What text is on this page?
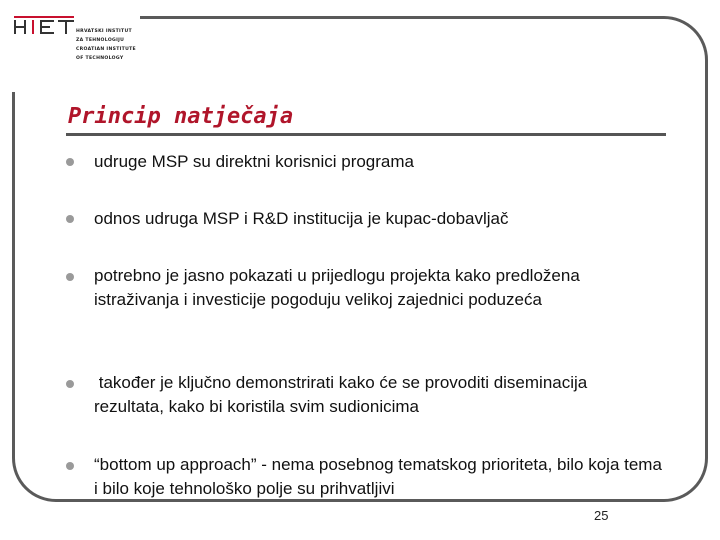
HRVATSKI INSTITUT
ZA TEHNOLOGIJU
CROATIAN INSTITUTE
OF TECHNOLOGY
Princip natječaja
udruge MSP su direktni korisnici programa
odnos udruga MSP i R&D institucija je kupac-dobavljač
potrebno je jasno pokazati u prijedlogu projekta kako predložena istraživanja i investicije pogoduju velikoj zajednici poduzeća
također je ključno demonstrirati kako će se provoditi diseminacija rezultata, kako bi koristila svim sudionicima
“bottom up approach” - nema posebnog tematskog prioriteta, bilo koja tema i bilo koje tehnološko polje su prihvatljivi
25
